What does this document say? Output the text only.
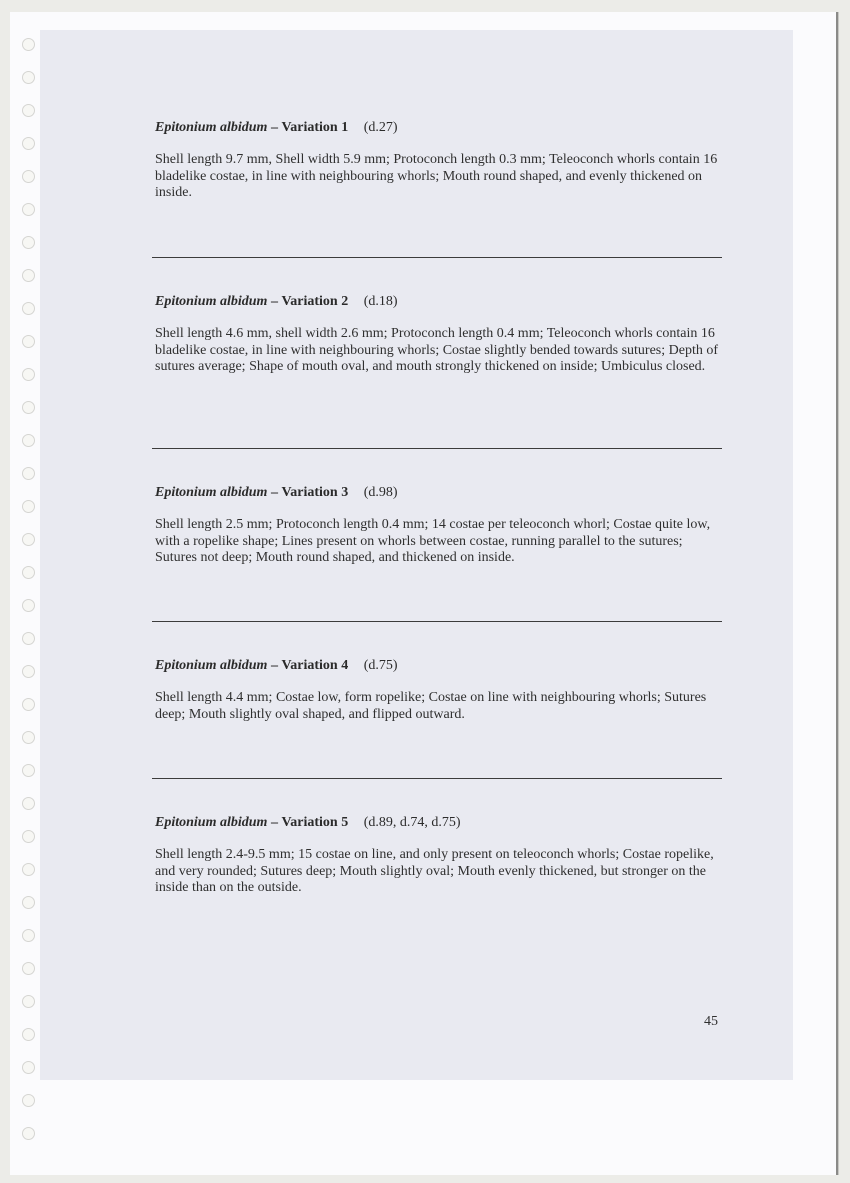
Epitonium albidum – Variation 1 (d.27)
Shell length 9.7 mm, Shell width 5.9 mm; Protoconch length 0.3 mm; Teleoconch whorls contain 16 bladelike costae, in line with neighbouring whorls; Mouth round shaped, and evenly thickened on inside.
Epitonium albidum – Variation 2 (d.18)
Shell length 4.6 mm, shell width 2.6 mm; Protoconch length 0.4 mm; Teleoconch whorls contain 16 bladelike costae, in line with neighbouring whorls; Costae slightly bended towards sutures; Depth of sutures average; Shape of mouth oval, and mouth strongly thickened on inside; Umbiculus closed.
Epitonium albidum – Variation 3 (d.98)
Shell length 2.5 mm; Protoconch length 0.4 mm; 14 costae per teleoconch whorl; Costae quite low, with a ropelike shape; Lines present on whorls between costae, running parallel to the sutures; Sutures not deep; Mouth round shaped, and thickened on inside.
Epitonium albidum – Variation 4 (d.75)
Shell length 4.4 mm; Costae low, form ropelike; Costae on line with neighbouring whorls; Sutures deep; Mouth slightly oval shaped, and flipped outward.
Epitonium albidum – Variation 5 (d.89, d.74, d.75)
Shell length 2.4-9.5 mm; 15 costae on line, and only present on teleoconch whorls; Costae ropelike, and very rounded; Sutures deep; Mouth slightly oval; Mouth evenly thickened, but stronger on the inside than on the outside.
45
